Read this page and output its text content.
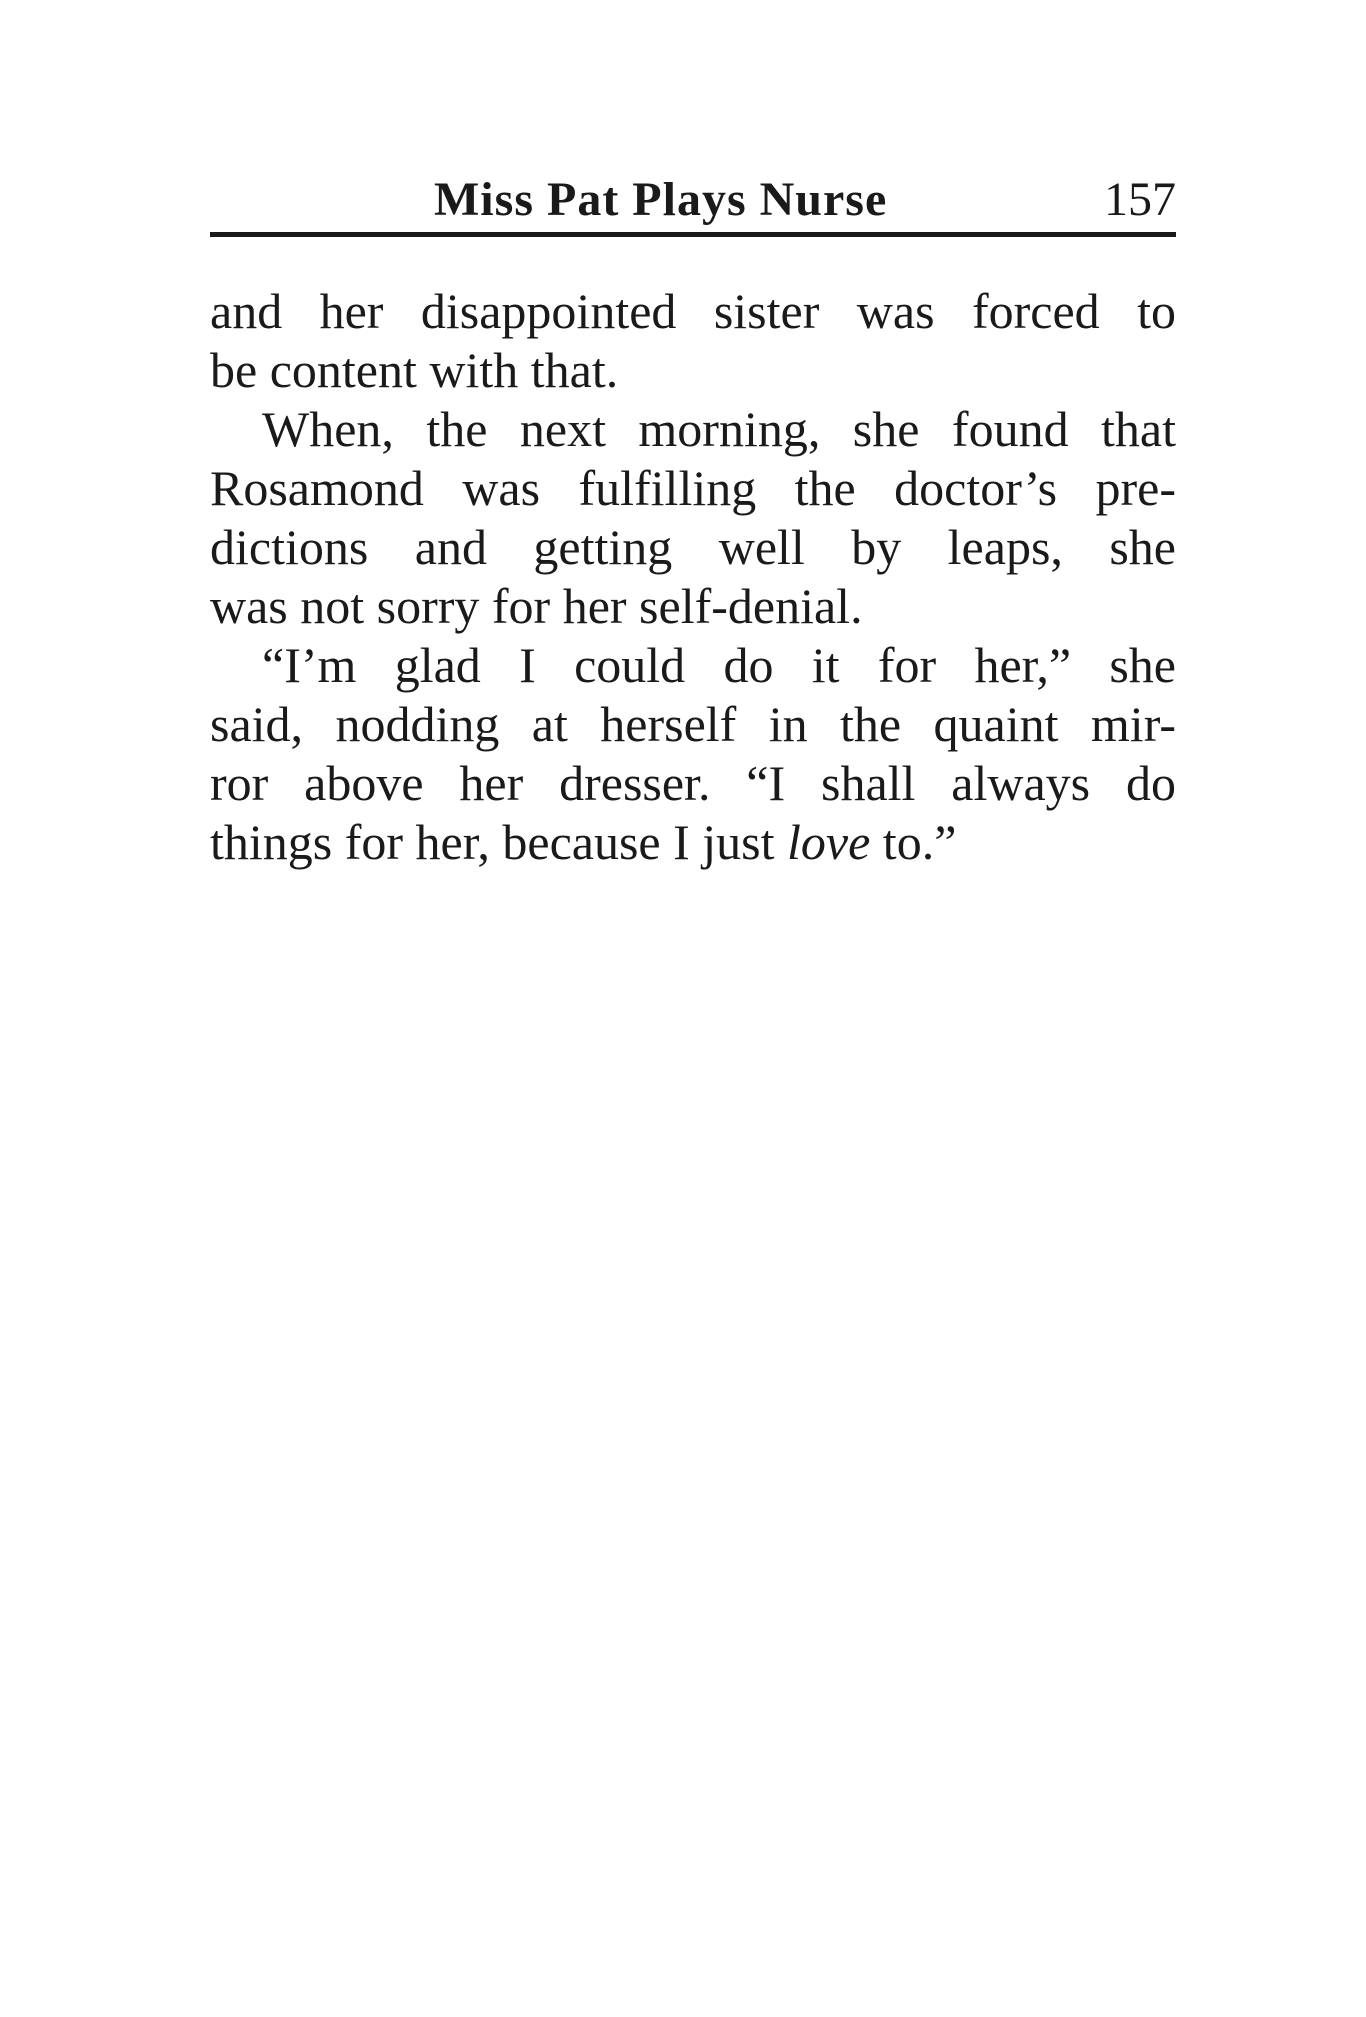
Miss Pat Plays Nurse	157
and her disappointed sister was forced to
be content with that.
When, the next morning, she found that
Rosamond was fulfilling the doctor’s pre-
dictions and getting well by leaps, she
was not sorry for her self-denial.
“I’m glad I could do it for her,” she
said, nodding at herself in the quaint mir-
ror above her dresser. “I shall always do
things for her, because I just love to.”
